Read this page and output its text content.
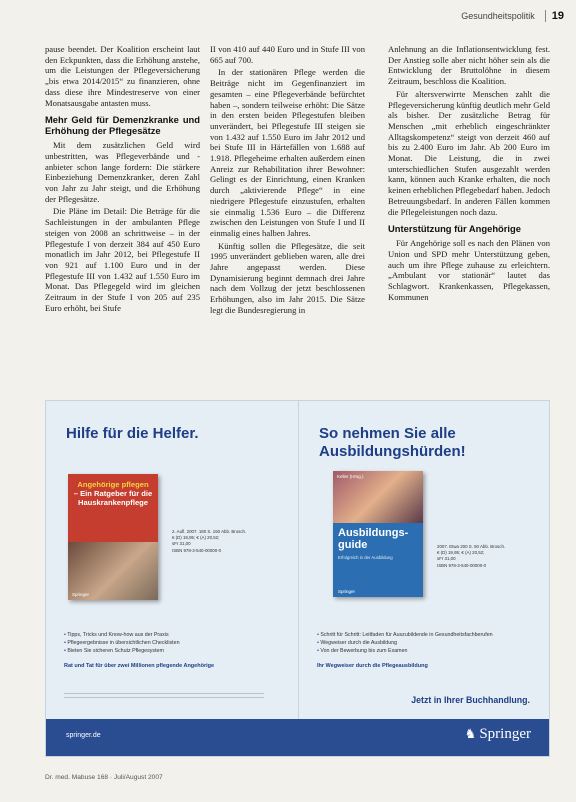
Gesundheitspolitik 19

pause beendet. Der Koalition erscheint laut den Eckpunkten, dass die Erhöhung anstehe, um die Leistungen der Pflegeversicherung „bis etwa 2014/2015“ zu finanzieren, ohne dass diese ihre Mindestreserve von einer Monatsausgabe antasten muss.

Mehr Geld für Demenzkranke und Erhöhung der Pflegesätze

Mit dem zusätzlichen Geld wird unbestritten, was Pflegeverbände und -anbieter schon lange fordern: Die stärkere Einbeziehung Demenzkranker, deren Zahl von Jahr zu Jahr steigt, und die Erhöhung der Pflegesätze.

Die Pläne im Detail: Die Beträge für die Sachleistungen in der ambulanten Pflege steigen von 2008 an schrittweise – in der Pflegestufe I von derzeit 384 auf 450 Euro monatlich im Jahr 2012, bei Pflegestufe II von 921 auf 1.100 Euro und in der Pflegestufe III von 1.432 auf 1.550 Euro im Monat. Das Pflegegeld wird im gleichen Zeitraum in der Stufe I von 205 auf 235 Euro erhöht, bei Stufe

II von 410 auf 440 Euro und in Stufe III von 665 auf 700.

In der stationären Pflege werden die Beiträge nicht im Gegenfinanziert im gesamten – eine Pflegeverbände befürchtet haben –, sondern teilweise erhöht: Die Sätze in den ersten beiden Pflegestufen bleiben unverändert, bei Pflegestufe III steigen sie von 1.432 auf 1.550 Euro im Jahr 2012 und bei Stufe III in Härtefällen von 1.688 auf 1.918. Pflegeheime erhalten außerdem einen Anreiz zur Rehabilitation ihrer Bewohner: Gelingt es der Einrichtung, einen Kranken durch „aktivierende Pflege“ in eine niedrigere Pflegestufe einzustufen, erhalten sie einmalig 1.536 Euro – die Differenz zwischen den Leistungen von Stufe I und II einmalig eines halben Jahres.

Künftig sollen die Pflegesätze, die seit 1995 unverändert geblieben waren, alle drei Jahre angepasst werden. Diese Dynamisierung beginnt demnach drei Jahre nach dem Vollzug der jetzt beschlossenen Erhöhungen, also im Jahr 2015. Die Sätze legt die Bundesregierung in

Anlehnung an die Inflationsentwicklung fest. Der Anstieg solle aber nicht höher sein als die Entwicklung der Bruttolöhne in diesem Zeitraum, beschloss die Koalition.

Für altersverwirrte Menschen zahlt die Pflegeversicherung künftig deutlich mehr Geld als bisher. Der zusätzliche Betrag für Menschen „mit erheblich eingeschränkter Alltagskompetenz“ steigt von derzeit 460 auf bis zu 2.400 Euro im Jahr. Ab 200 Euro im Monat. Die Leistung, die in zwei unterschiedlichen Stufen ausgezahlt werden kann, können auch Kranke erhalten, die noch keinen erheblichen Pflegebedarf haben. Jedoch Betreuungsbedarf. In anderen Fällen kommen die Pflegeleistungen noch dazu.

Unterstützung für Angehörige

Für Angehörige soll es nach den Plänen von Union und SPD mehr Unterstützung geben, auch um ihre Pflege zuhause zu erleichtern. „Ambulant vor stationär“ lautet das Schlagwort. Krankenkassen, Pflegekassen, Kommunen

Hilfe für die Helfer.
Angehörige pflegen
– Ein Ratgeber für die Hauskrankenpflege
Springer
2. Aufl. 2007. 180 S. 150 Abb. Brosch.
€ (D) 19,95; € (A) 20,52;
sFr 31,00
ISBN 978-3-540-00000-0
• Tipps, Tricks und Know-how aus der Praxis
• Pflegeergebnisse in übersichtlichen Checklisten
• Bieten Sie sicheren Schutz Pflegesystem
Rat und Tat für über zwei Millionen pflegende Angehörige
So nehmen Sie alle Ausbildungshürden!
Keller (Hrsg.)
Ausbildungs-guide
Erfolgreich in der Ausbildung
Springer
2007. Etwa 200 S. 50 Abb. Brosch.
€ (D) 19,95; € (A) 20,52;
sFr 31,00
ISBN 978-3-540-00000-0
• Schritt für Schritt: Leitfaden für Auszubildende in Gesundheitsfachberufen
• Wegweiser durch die Ausbildung
• Von der Bewerbung bis zum Examen
Ihr Wegweiser durch die Pflegeausbildung
Jetzt in Ihrer Buchhandlung.
springer.de	♞ Springer
Dr. med. Mabuse 168 · Juli/August 2007
